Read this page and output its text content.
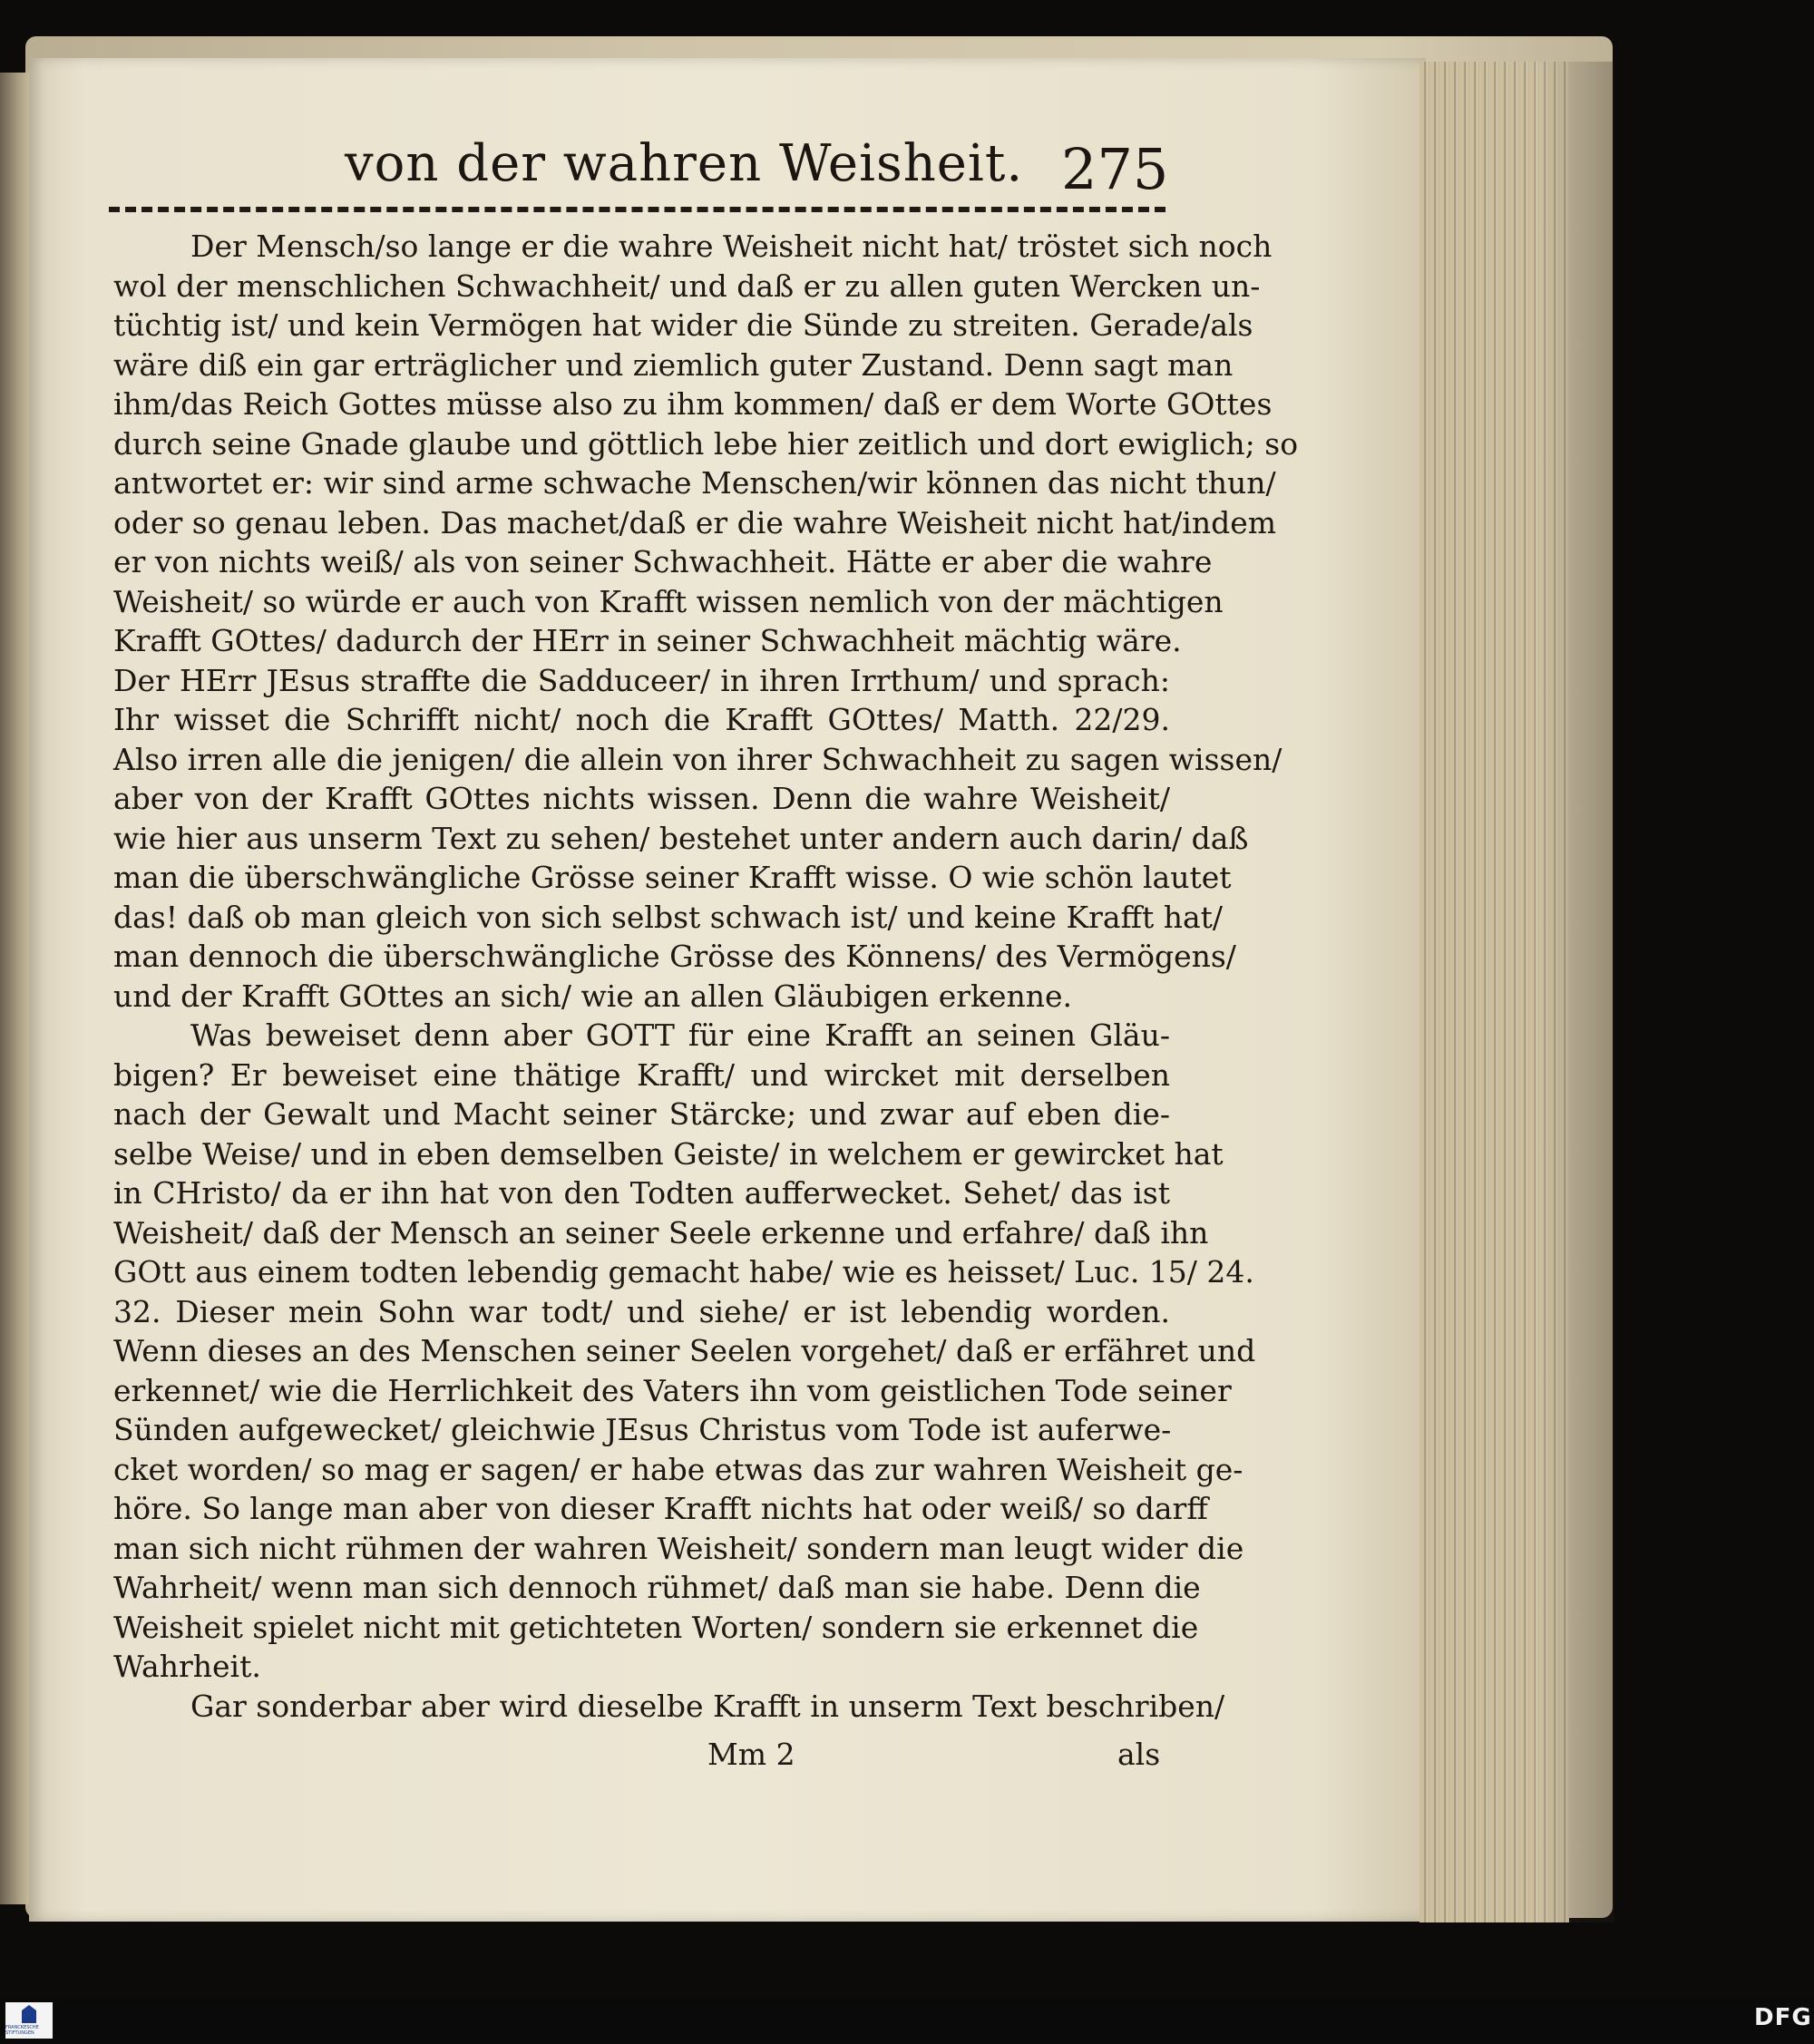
von der wahren Weisheit. 275
Der Mensch/so lange er die wahre Weisheit nicht hat/ tröstet sich noch
wol der menschlichen Schwachheit/ und daß er zu allen guten Wercken un-
tüchtig ist/ und kein Vermögen hat wider die Sünde zu streiten. Gerade/als
wäre diß ein gar erträglicher und ziemlich guter Zustand. Denn sagt man
ihm/das Reich Gottes müsse also zu ihm kommen/ daß er dem Worte GOttes
durch seine Gnade glaube und göttlich lebe hier zeitlich und dort ewiglich; so
antwortet er: wir sind arme schwache Menschen/wir können das nicht thun/
oder so genau leben. Das machet/daß er die wahre Weisheit nicht hat/indem
er von nichts weiß/ als von seiner Schwachheit. Hätte er aber die wahre
Weisheit/ so würde er auch von Krafft wissen nemlich von der mächtigen
Krafft GOttes/ dadurch der HErr in seiner Schwachheit mächtig wäre.
Der HErr JEsus straffte die Sadduceer/ in ihren Irrthum/ und sprach:
Ihr wisset die Schrifft nicht/ noch die Krafft GOttes/ Matth. 22/29.
Also irren alle die jenigen/ die allein von ihrer Schwachheit zu sagen wissen/
aber von der Krafft GOttes nichts wissen. Denn die wahre Weisheit/
wie hier aus unserm Text zu sehen/ bestehet unter andern auch darin/ daß
man die überschwängliche Grösse seiner Krafft wisse. O wie schön lautet
das! daß ob man gleich von sich selbst schwach ist/ und keine Krafft hat/
man dennoch die überschwängliche Grösse des Könnens/ des Vermögens/
und der Krafft GOttes an sich/ wie an allen Gläubigen erkenne.
Was beweiset denn aber GOTT für eine Krafft an seinen Gläu-
bigen? Er beweiset eine thätige Krafft/ und wircket mit derselben
nach der Gewalt und Macht seiner Stärcke; und zwar auf eben die-
selbe Weise/ und in eben demselben Geiste/ in welchem er gewircket hat
in CHristo/ da er ihn hat von den Todten aufferwecket. Sehet/ das ist
Weisheit/ daß der Mensch an seiner Seele erkenne und erfahre/ daß ihn
GOtt aus einem todten lebendig gemacht habe/ wie es heisset/ Luc. 15/ 24.
32. Dieser mein Sohn war todt/ und siehe/ er ist lebendig worden.
Wenn dieses an des Menschen seiner Seelen vorgehet/ daß er erfähret und
erkennet/ wie die Herrlichkeit des Vaters ihn vom geistlichen Tode seiner
Sünden aufgewecket/ gleichwie JEsus Christus vom Tode ist auferwe-
cket worden/ so mag er sagen/ er habe etwas das zur wahren Weisheit ge-
höre. So lange man aber von dieser Krafft nichts hat oder weiß/ so darff
man sich nicht rühmen der wahren Weisheit/ sondern man leugt wider die
Wahrheit/ wenn man sich dennoch rühmet/ daß man sie habe. Denn die
Weisheit spielet nicht mit getichteten Worten/ sondern sie erkennet die
Wahrheit.
Gar sonderbar aber wird dieselbe Krafft in unserm Text beschriben/
Mm 2	als
FRANCKESCHE STIFTUNGEN
DFG
